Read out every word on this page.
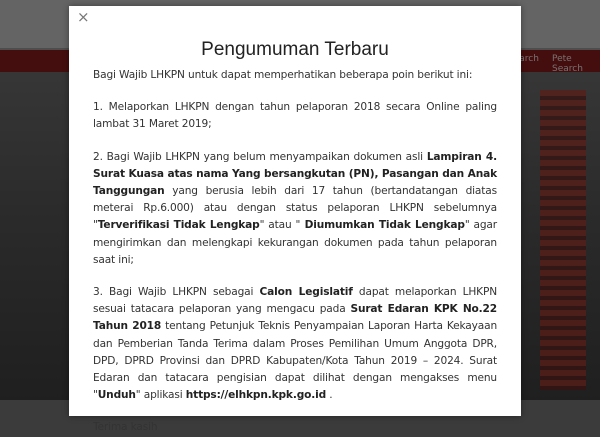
×
Pengumuman Terbaru

Bagi Wajib LHKPN untuk dapat memperhatikan beberapa poin berikut ini:

1. Melaporkan LHKPN dengan tahun pelaporan 2018 secara Online paling lambat 31 Maret 2019;

2. Bagi Wajib LHKPN yang belum menyampaikan dokumen asli Lampiran 4. Surat Kuasa atas nama Yang bersangkutan (PN), Pasangan dan Anak Tanggungan yang berusia lebih dari 17 tahun (bertandatangan diatas meterai Rp.6.000) atau dengan status pelaporan LHKPN sebelumnya "Terverifikasi Tidak Lengkap" atau " Diumumkan Tidak Lengkap" agar mengirimkan dan melengkapi kekurangan dokumen pada tahun pelaporan saat ini;

3. Bagi Wajib LHKPN sebagai Calon Legislatif dapat melaporkan LHKPN sesuai tatacara pelaporan yang mengacu pada Surat Edaran KPK No.22 Tahun 2018 tentang Petunjuk Teknis Penyampaian Laporan Harta Kekayaan dan Pemberian Tanda Terima dalam Proses Pemilihan Umum Anggota DPR, DPD, DPRD Provinsi dan DPRD Kabupaten/Kota Tahun 2019 – 2024. Surat Edaran dan tatacara pengisian dapat dilihat dengan mengakses menu "Unduh" aplikasi https://elhkpn.kpk.go.id .

Terima kasih
